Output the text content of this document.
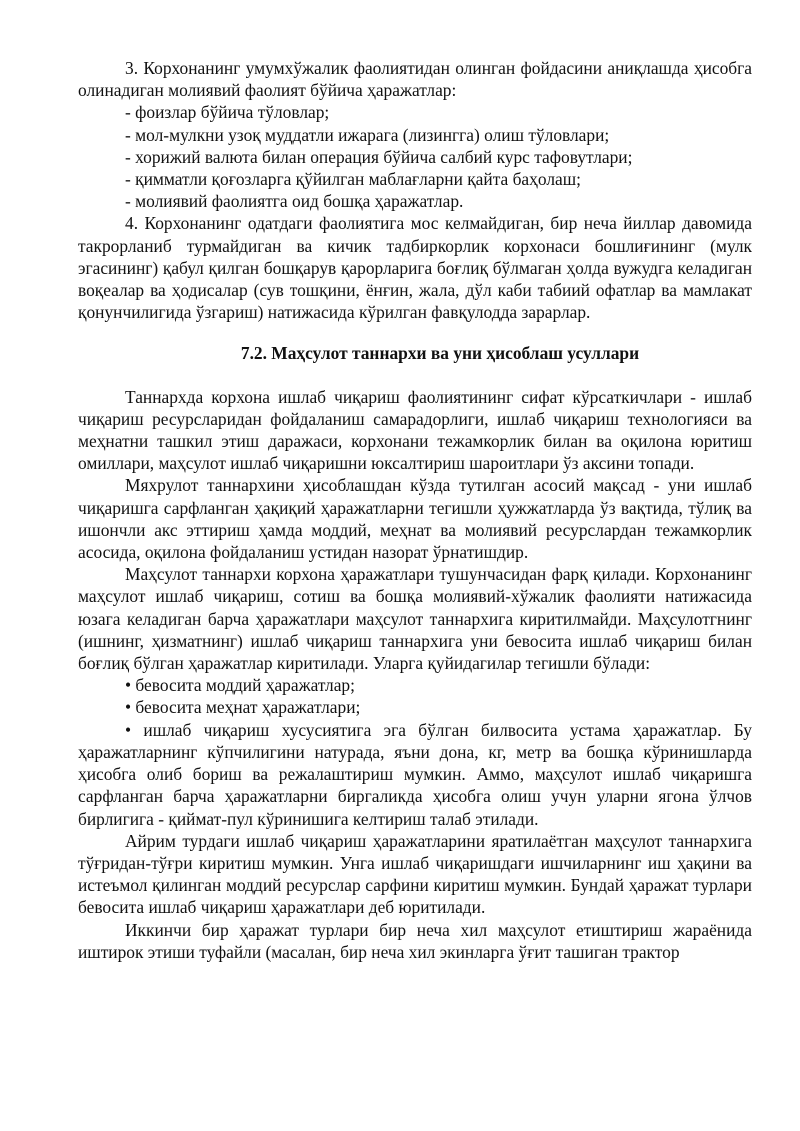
3. Корхонанинг умумхўжалик фаолиятидан олинган фойдасини аниқлашда ҳисобга олинадиган молиявий фаолият бўйича ҳаражатлар:

- фоизлар бўйича тўловлар;

- мол-мулкни узоқ муддатли ижарага (лизингга) олиш тўловлари;

- хорижий валюта билан операция бўйича салбий курс тафовутлари;

- қимматли қоғозларга қўйилган маблағларни қайта баҳолаш;

- молиявий фаолиятга оид бошқа ҳаражатлар.

4. Корхонанинг одатдаги фаолиятига мос келмайдиган, бир неча йиллар давомида такрорланиб турмайдиган ва кичик тадбиркорлик корхонаси бошлиғининг (мулк эгасининг) қабул қилган бошқарув қарорларига боғлиқ бўлмаган ҳолда вужудга келадиган воқеалар ва ҳодисалар (сув тошқини, ёнғин, жала, дўл каби табиий офатлар ва мамлакат қонунчилигида ўзгариш) натижасида кўрилган фавқулодда зарарлар.

7.2. Маҳсулот таннархи ва уни ҳисоблаш усуллари

Таннархда корхона ишлаб чиқариш фаолиятининг сифат кўрсаткичлари - ишлаб чиқариш ресурсларидан фойдаланиш самарадорлиги, ишлаб чиқариш технологияси ва меҳнатни ташкил этиш даражаси, корхонани тежамкорлик билан ва оқилона юритиш омиллари, маҳсулот ишлаб чиқаришни юксалтириш шароитлари ўз аксини топади.

Мяхрулот таннархини ҳисоблашдан кўзда тутилган асосий мақсад - уни ишлаб чиқаришга сарфланган ҳақиқий ҳаражатларни тегишли ҳужжатларда ўз вақтида, тўлиқ ва ишончли акс эттириш ҳамда моддий, меҳнат ва молиявий ресурслардан тежамкорлик асосида, оқилона фойдаланиш устидан назорат ўрнатишдир.

Маҳсулот таннархи корхона ҳаражатлари тушунчасидан фарқ қилади. Корхонанинг маҳсулот ишлаб чиқариш, сотиш ва бошқа молиявий-хўжалик фаолияти натижасида юзага келадиган барча ҳаражатлари маҳсулот таннархига киритилмайди. Маҳсулотгнинг (ишнинг, ҳизматнинг) ишлаб чиқариш таннархига уни бевосита ишлаб чиқариш билан боғлиқ бўлган ҳаражатлар киритилади. Уларга қуйидагилар тегишли бўлади:

• бевосита моддий ҳаражатлар;

• бевосита меҳнат ҳаражатлари;

• ишлаб чиқариш хусусиятига эга бўлган билвосита устама ҳаражатлар. Бу ҳаражатларнинг кўпчилигини натурада, яъни дона, кг, метр ва бошқа кўринишларда ҳисобга олиб бориш ва режалаштириш мумкин. Аммо, маҳсулот ишлаб чиқаришга сарфланган барча ҳаражатларни биргаликда ҳисобга олиш учун уларни ягона ўлчов бирлигига - қиймат-пул кўринишига келтириш талаб этилади.

Айрим турдаги ишлаб чиқариш ҳаражатларини яратилаётган маҳсулот таннархига тўғридан-тўғри киритиш мумкин. Унга ишлаб чиқаришдаги ишчиларнинг иш ҳақини ва истеъмол қилинган моддий ресурслар сарфини киритиш мумкин. Бундай ҳаражат турлари бевосита ишлаб чиқариш ҳаражатлари деб юритилади.

Иккинчи бир ҳаражат турлари бир неча хил маҳсулот етиштириш жараёнида иштирок этиши туфайли (масалан, бир неча хил экинларга ўғит ташиган трактор
